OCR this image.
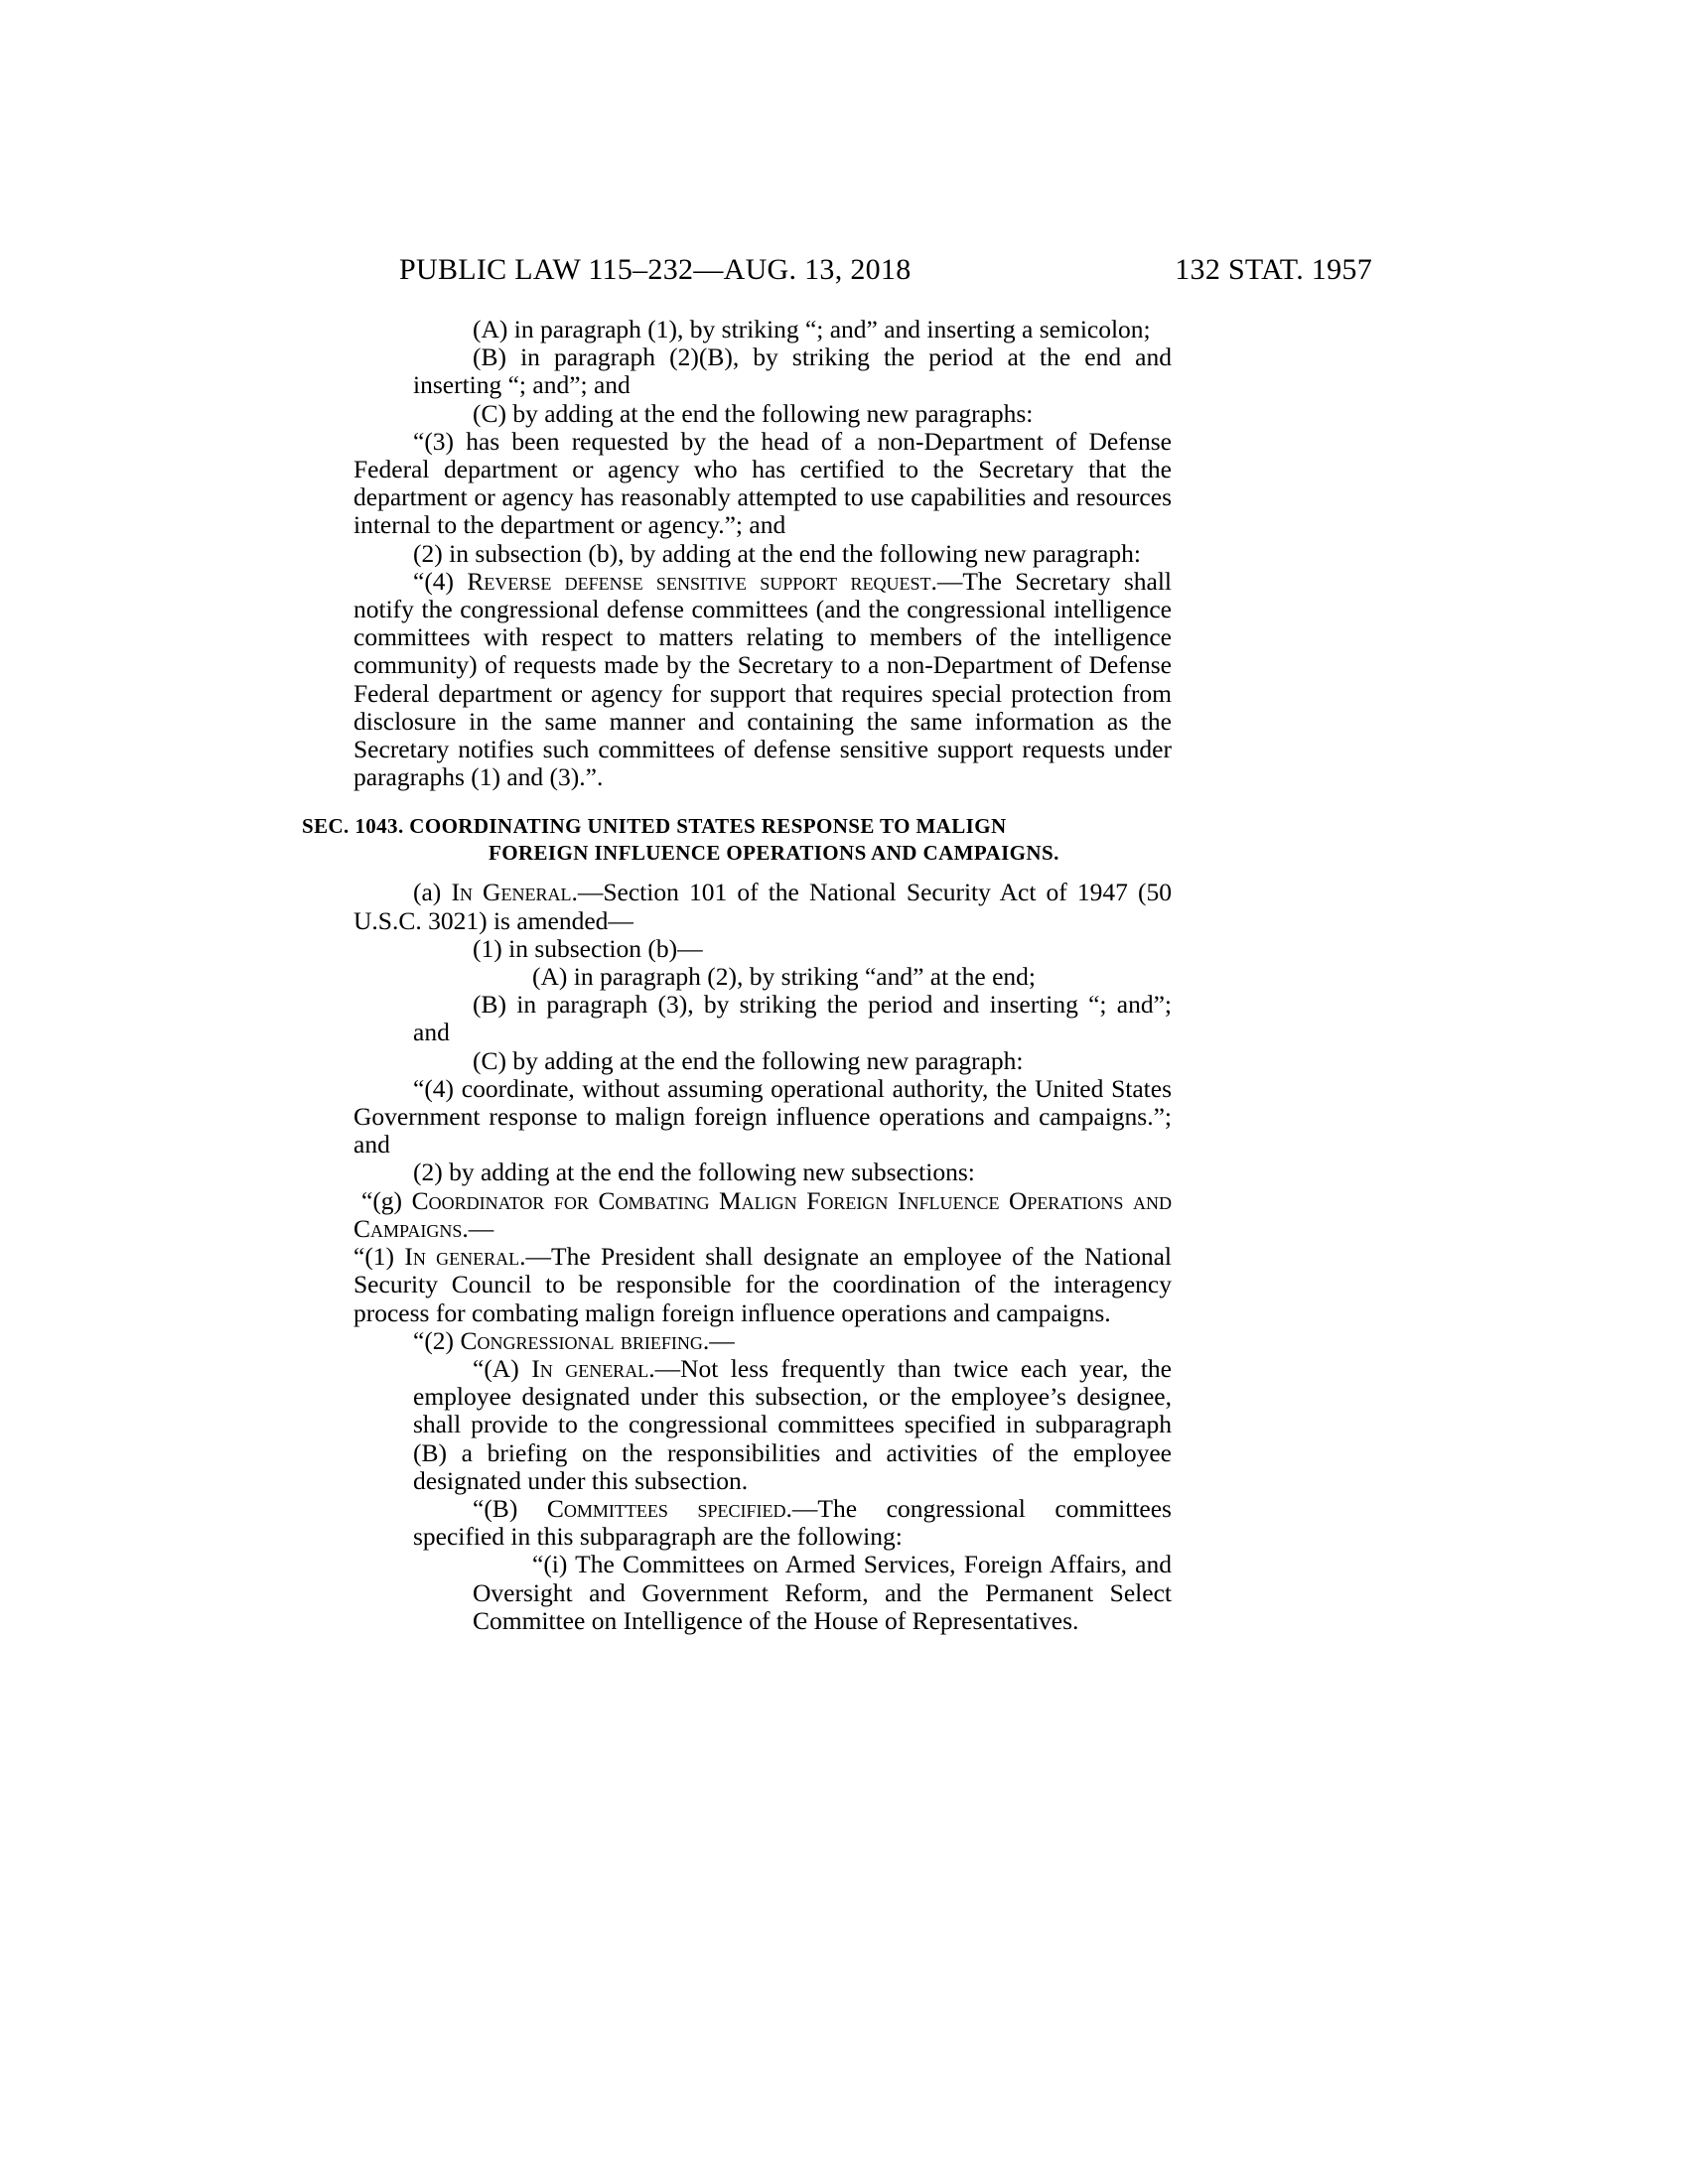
PUBLIC LAW 115–232—AUG. 13, 2018	132 STAT. 1957

(A) in paragraph (1), by striking “; and” and inserting a semicolon;

(B) in paragraph (2)(B), by striking the period at the end and inserting “; and”; and

(C) by adding at the end the following new paragraphs:

“(3) has been requested by the head of a non-Department of Defense Federal department or agency who has certified to the Secretary that the department or agency has reasonably attempted to use capabilities and resources internal to the department or agency.”; and

(2) in subsection (b), by adding at the end the following new paragraph:

“(4) Reverse defense sensitive support request.—The Secretary shall notify the congressional defense committees (and the congressional intelligence committees with respect to matters relating to members of the intelligence community) of requests made by the Secretary to a non-Department of Defense Federal department or agency for support that requires special protection from disclosure in the same manner and containing the same information as the Secretary notifies such committees of defense sensitive support requests under paragraphs (1) and (3).”.

SEC. 1043. COORDINATING UNITED STATES RESPONSE TO MALIGN
FOREIGN INFLUENCE OPERATIONS AND CAMPAIGNS.

(a) In General.—Section 101 of the National Security Act of 1947 (50 U.S.C. 3021) is amended—

(1) in subsection (b)—

(A) in paragraph (2), by striking “and” at the end;

(B) in paragraph (3), by striking the period and inserting “; and”; and

(C) by adding at the end the following new paragraph:

“(4) coordinate, without assuming operational authority, the United States Government response to malign foreign influence operations and campaigns.”; and

(2) by adding at the end the following new subsections:

“(g) Coordinator for Combating Malign Foreign Influence Operations and Campaigns.—

“(1) In general.—The President shall designate an employee of the National Security Council to be responsible for the coordination of the interagency process for combating malign foreign influence operations and campaigns.

“(2) Congressional briefing.—

“(A) In general.—Not less frequently than twice each year, the employee designated under this subsection, or the employee’s designee, shall provide to the congressional committees specified in subparagraph (B) a briefing on the responsibilities and activities of the employee designated under this subsection.

“(B) Committees specified.—The congressional committees specified in this subparagraph are the following:

“(i) The Committees on Armed Services, Foreign Affairs, and Oversight and Government Reform, and the Permanent Select Committee on Intelligence of the House of Representatives.
